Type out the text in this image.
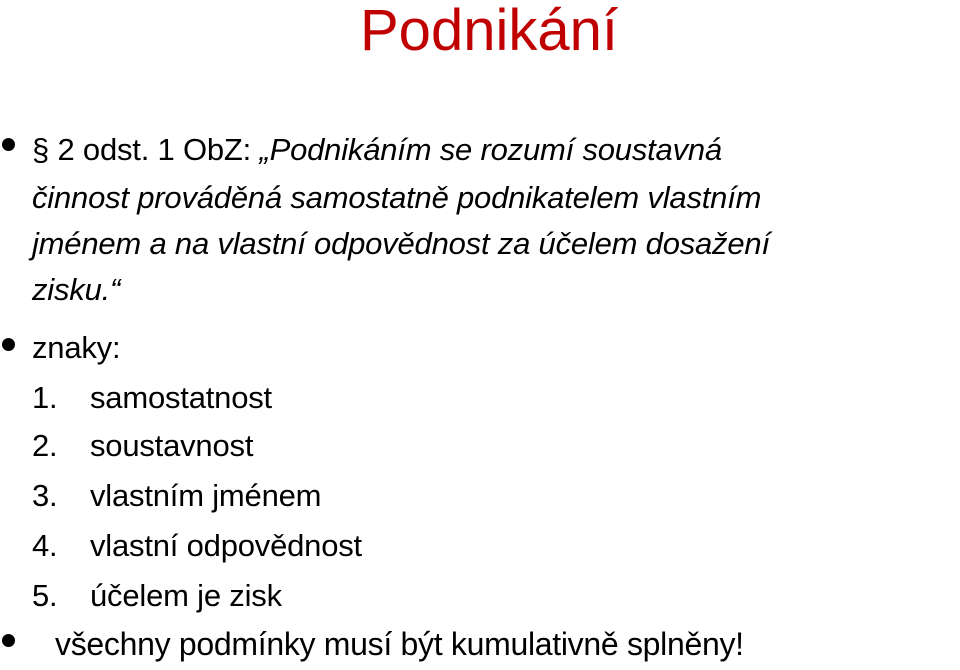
Podnikání
§ 2 odst. 1 ObZ: „Podnikáním se rozumí soustavná
činnost prováděná samostatně podnikatelem vlastním
jménem a na vlastní odpovědnost za účelem dosažení
zisku.“
znaky:
1. samostatnost
2. soustavnost
3. vlastním jménem
4. vlastní odpovědnost
5. účelem je zisk
všechny podmínky musí být kumulativně splněny!
